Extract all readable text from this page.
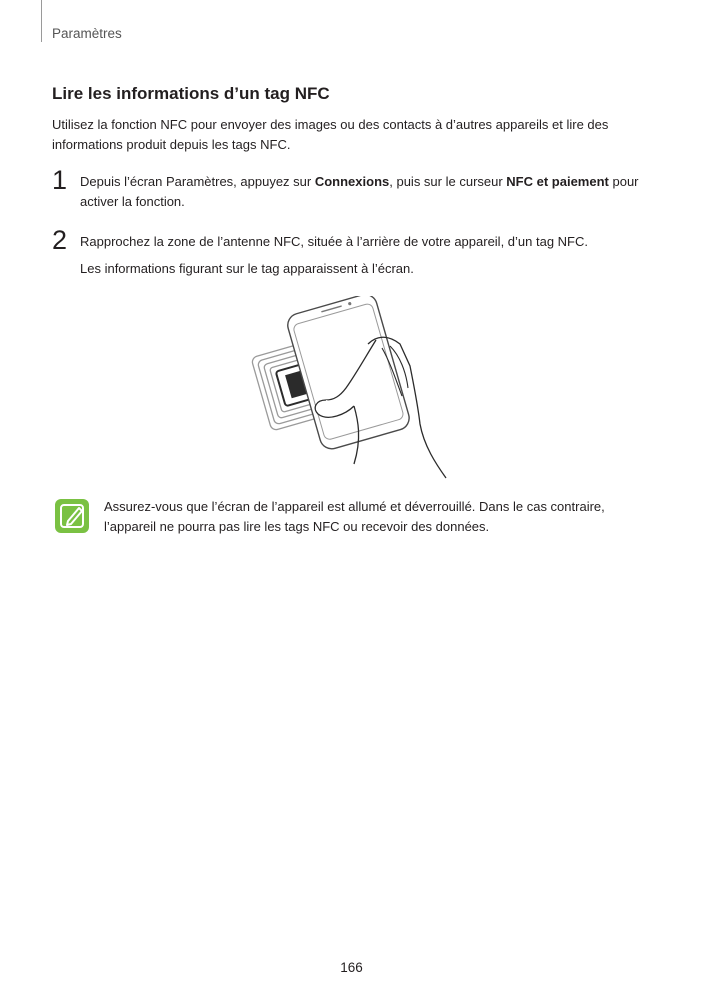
Paramètres
Lire les informations d’un tag NFC

Utilisez la fonction NFC pour envoyer des images ou des contacts à d’autres appareils et lire des informations produit depuis les tags NFC.

1 Depuis l’écran Paramètres, appuyez sur Connexions, puis sur le curseur NFC et paiement pour activer la fonction.

2 Rapprochez la zone de l’antenne NFC, située à l’arrière de votre appareil, d’un tag NFC.

Les informations figurant sur le tag apparaissent à l’écran.

Assurez-vous que l’écran de l’appareil est allumé et déverrouillé. Dans le cas contraire, l’appareil ne pourra pas lire les tags NFC ou recevoir des données.

166
